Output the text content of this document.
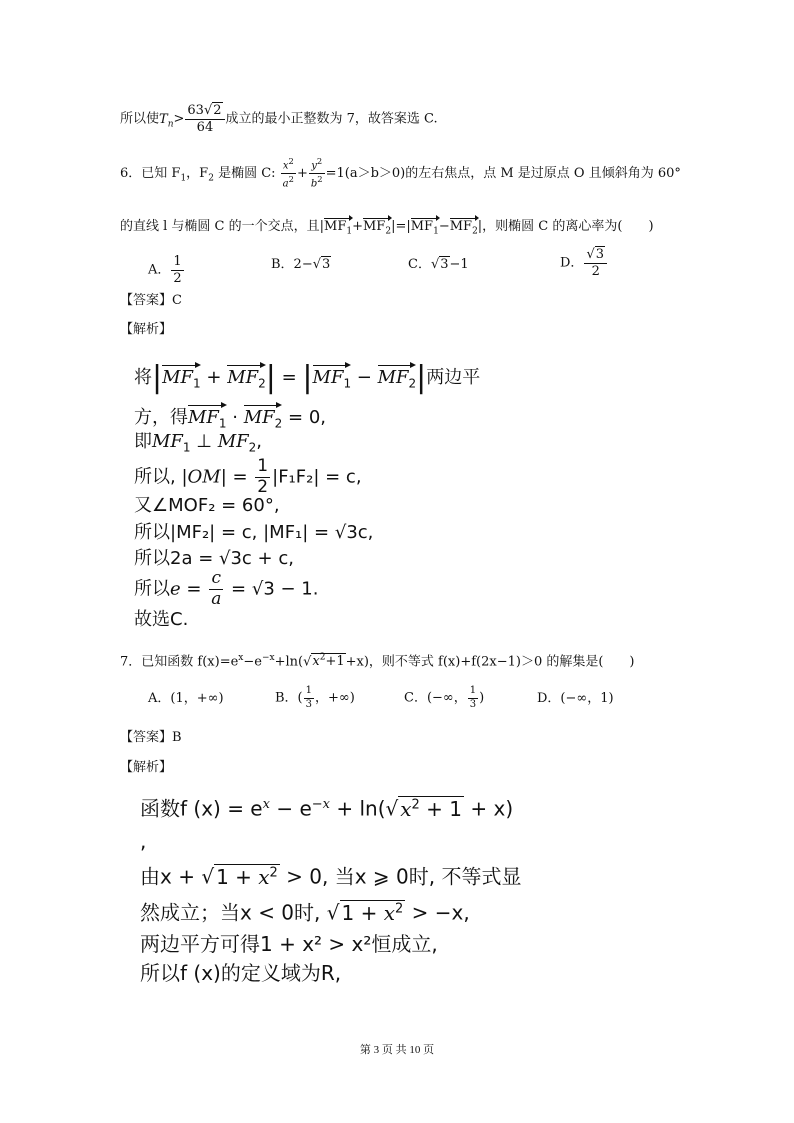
所以使$T_n> \frac{63√2}{64}$ 成立的最小正整数为 7，故答案选 C.
6．已知 $F_1$，$F_2$ 是椭圆 C: $\frac{x^2}{a^2} + \frac{y^2}{b^2} =1(a>b>0)$的左右焦点，点 M 是过原点 O 且倾斜角为 60°
的直线 l 与椭圆 C 的一个交点，且$|MF_1+MF_2|=|MF_1-MF_2|$，则椭圆 C 的离心率为(　　)
A． $\frac{1}{2}$	B．2−√3	C．√3−1	D． $\frac{√3}{2}$
【答案】C
【解析】
将$|MF_1 + MF_2| = |MF_1 - MF_2|$两边平
方，得$MF_1 \cdot MF_2 = 0$,
即$MF_1$ ⊥ $MF_2$,
所以, $|OM| = \frac{1}{2} |F_1F_2| = c$,
又∠MOF₂ = 60°,
所以|MF₂| = c, |MF₁| = √3c,
所以2a = √3c + c,
所以$e = \frac{c}{a} = √3 - 1$.
故选C.
7．已知函数 $f(x)=e^x-e^{-x}+\ln(√x^2+1+x)$，则不等式 f(x)+f(2x−1)＞0 的解集是(　　)
A．(1，+∞)	B．( $\frac{1}{3}$ ，+∞)	C．(−∞， $\frac{1}{3}$ )	D．(−∞，1)
【答案】B
【解析】
函数f $(x) = e^x - e^{-x} + \ln(√$ $x^2 + 1 + x$)
,
由x + √ $1 + x^2 > 0$, 当x ⩾ 0时, 不等式显
然成立；当x < 0时, √ $1 + x^2 > -x$,
两边平方可得1 + x² > x²恒成立,
所以f (x)的定义域为R,
第 3 页 共 10 页
